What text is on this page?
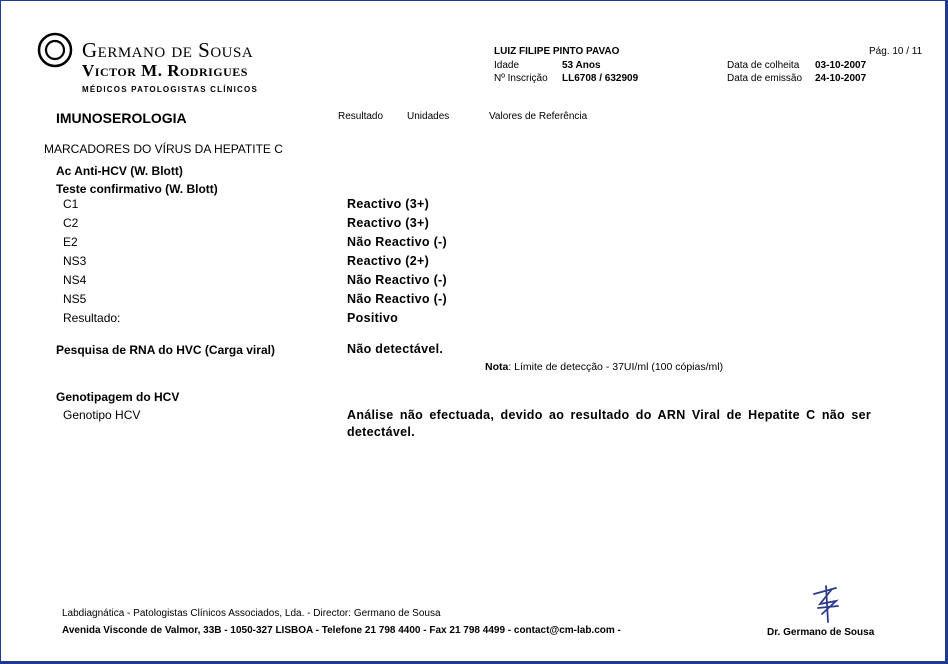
Germano de Sousa
Victor M. Rodrigues
MÉDICOS PATOLOGISTAS CLÍNICOS
LUIZ FILIPE PINTO PAVAO
Idade	53 Anos
Nº Inscrição LL6708 / 632909
Pág. 10 / 11
Data de colheita 03-10-2007
Data de emissão 24-10-2007
IMUNOSEROLOGIA	Resultado Unidades	Valores de Referência
MARCADORES DO VÍRUS DA HEPATITE C
Ac Anti-HCV (W. Blott)
Teste confirmativo (W. Blott)
C1	Reactivo (3+)
C2	Reactivo (3+)
E2	Não Reactivo (-)
NS3	Reactivo (2+)
NS4	Não Reactivo (-)
NS5	Não Reactivo (-)
Resultado:	Positivo
Pesquisa de RNA do HVC (Carga viral)	Não detectável.
Nota: Límite de detecção - 37UI/ml (100 cópias/ml)
Genotipagem do HCV
Genotipo HCV	Análise não efectuada, devido ao resultado do ARN Viral de Hepatite C não ser detectável.
Labdiagnática - Patologistas Clínicos Associados, Lda. - Director: Germano de Sousa
Avenida Visconde de Valmor, 33B - 1050-327 LISBOA - Telefone 21 798 4400 - Fax 21 798 4499 - contact@cm-lab.com -	Dr. Germano de Sousa
